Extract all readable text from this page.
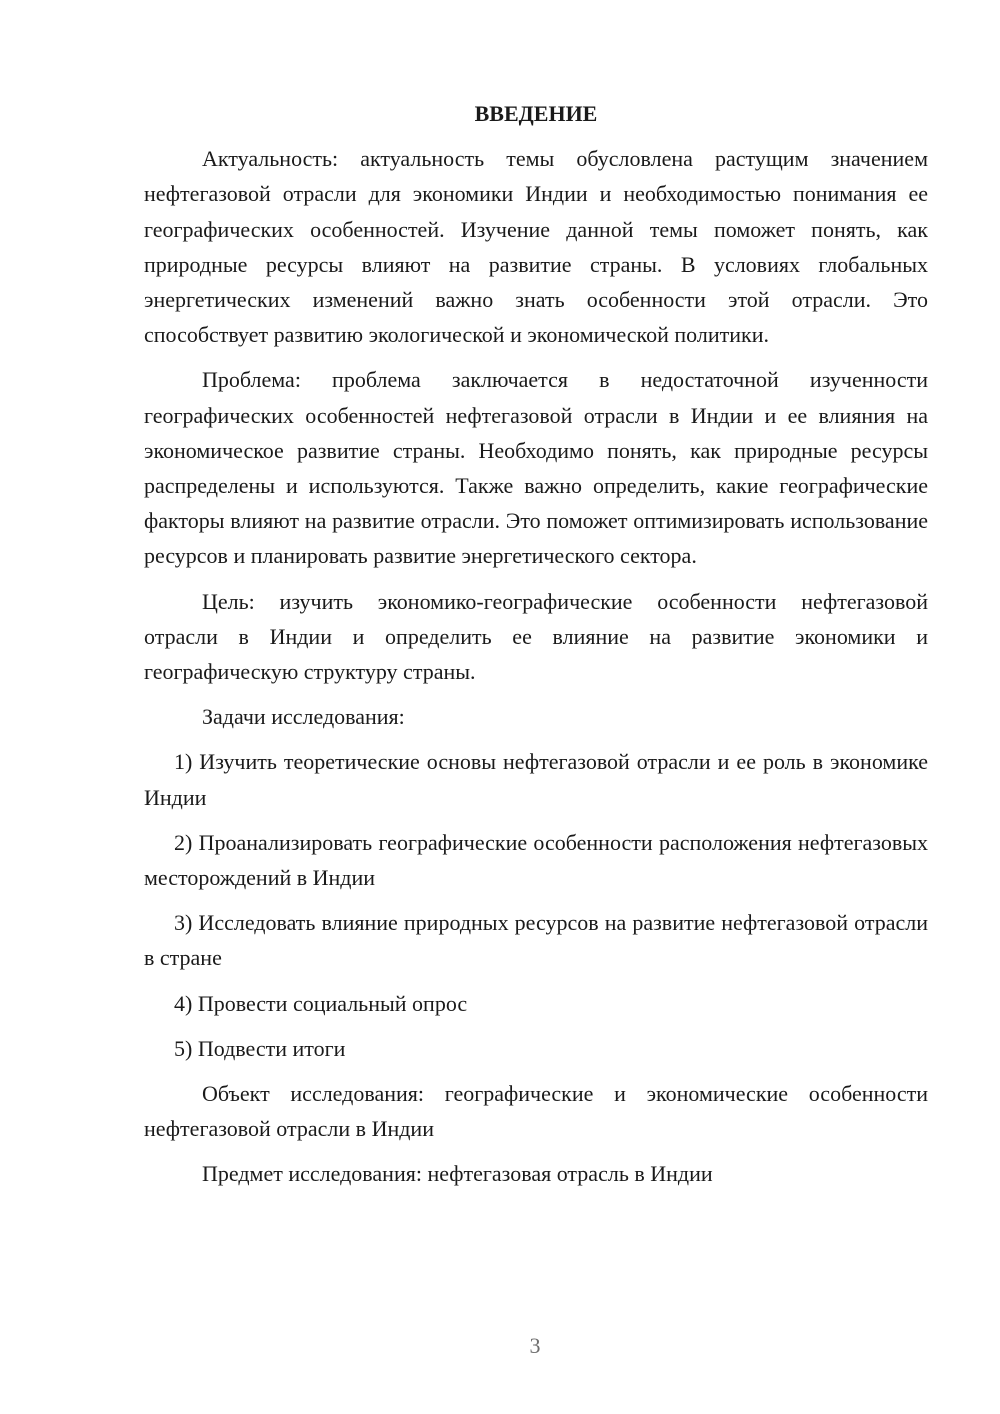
ВВЕДЕНИЕ

Актуальность: актуальность темы обусловлена растущим значением нефтегазовой отрасли для экономики Индии и необходимостью понимания ее географических особенностей. Изучение данной темы поможет понять, как природные ресурсы влияют на развитие страны. В условиях глобальных энергетических изменений важно знать особенности этой отрасли. Это способствует развитию экологической и экономической политики.

Проблема: проблема заключается в недостаточной изученности географических особенностей нефтегазовой отрасли в Индии и ее влияния на экономическое развитие страны. Необходимо понять, как природные ресурсы распределены и используются. Также важно определить, какие географические факторы влияют на развитие отрасли. Это поможет оптимизировать использование ресурсов и планировать развитие энергетического сектора.

Цель: изучить экономико-географические особенности нефтегазовой отрасли в Индии и определить ее влияние на развитие экономики и географическую структуру страны.

Задачи исследования:

1) Изучить теоретические основы нефтегазовой отрасли и ее роль в экономике Индии

2) Проанализировать географические особенности расположения нефтегазовых месторождений в Индии

3) Исследовать влияние природных ресурсов на развитие нефтегазовой отрасли в стране

4) Провести социальный опрос

5) Подвести итоги

Объект исследования: географические и экономические особенности нефтегазовой отрасли в Индии

Предмет исследования: нефтегазовая отрасль в Индии

3
